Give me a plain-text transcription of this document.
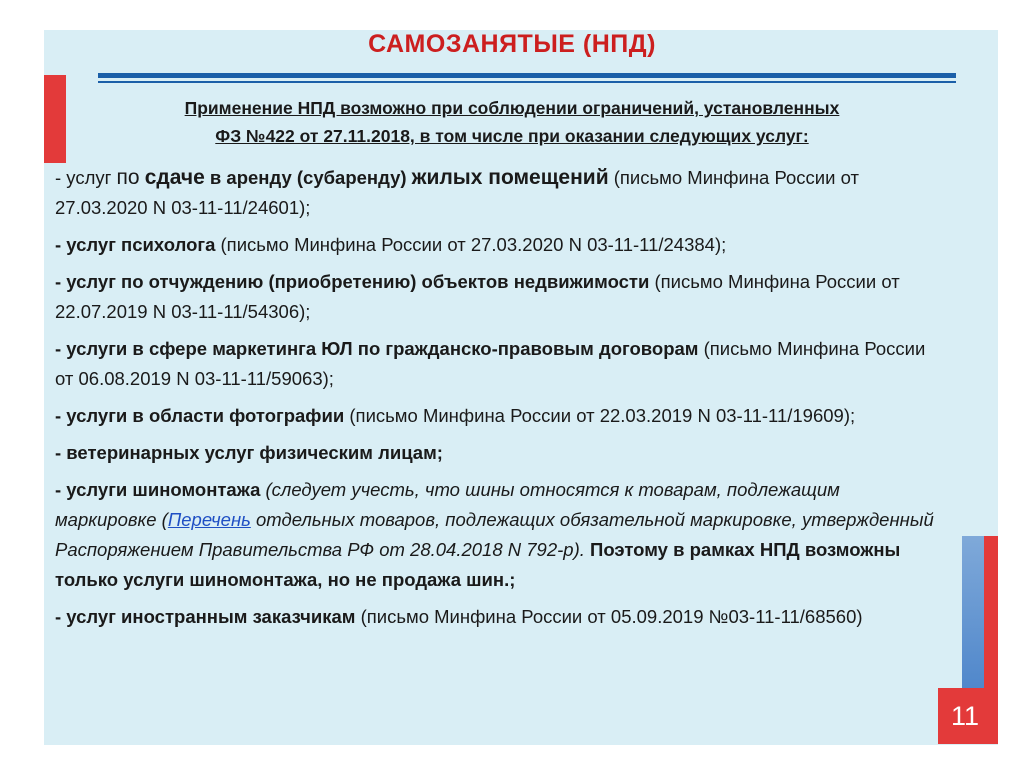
САМОЗАНЯТЫЕ (НПД)
Применение НПД возможно при соблюдении ограничений, установленных
ФЗ №422 от 27.11.2018, в том числе при оказании следующих услуг:
- услуг по сдаче в аренду (субаренду) жилых помещений (письмо Минфина России от 27.03.2020 N 03-11-11/24601);
- услуг психолога (письмо Минфина России от 27.03.2020 N 03-11-11/24384);
- услуг по отчуждению (приобретению) объектов недвижимости (письмо Минфина России от 22.07.2019 N 03-11-11/54306);
- услуги в сфере маркетинга ЮЛ по гражданско-правовым договорам (письмо Минфина России от 06.08.2019 N 03-11-11/59063);
- услуги в области фотографии (письмо Минфина России от 22.03.2019 N 03-11-11/19609);
- ветеринарных услуг физическим лицам;
- услуги шиномонтажа (следует учесть, что шины относятся к товарам, подлежащим маркировке (Перечень отдельных товаров, подлежащих обязательной маркировке, утвержденный Распоряжением Правительства РФ от 28.04.2018 N 792-р). Поэтому в рамках НПД возможны только услуги шиномонтажа, но не продажа шин.;
- услуг иностранным заказчикам (письмо Минфина России от 05.09.2019 №03-11-11/68560)
11
